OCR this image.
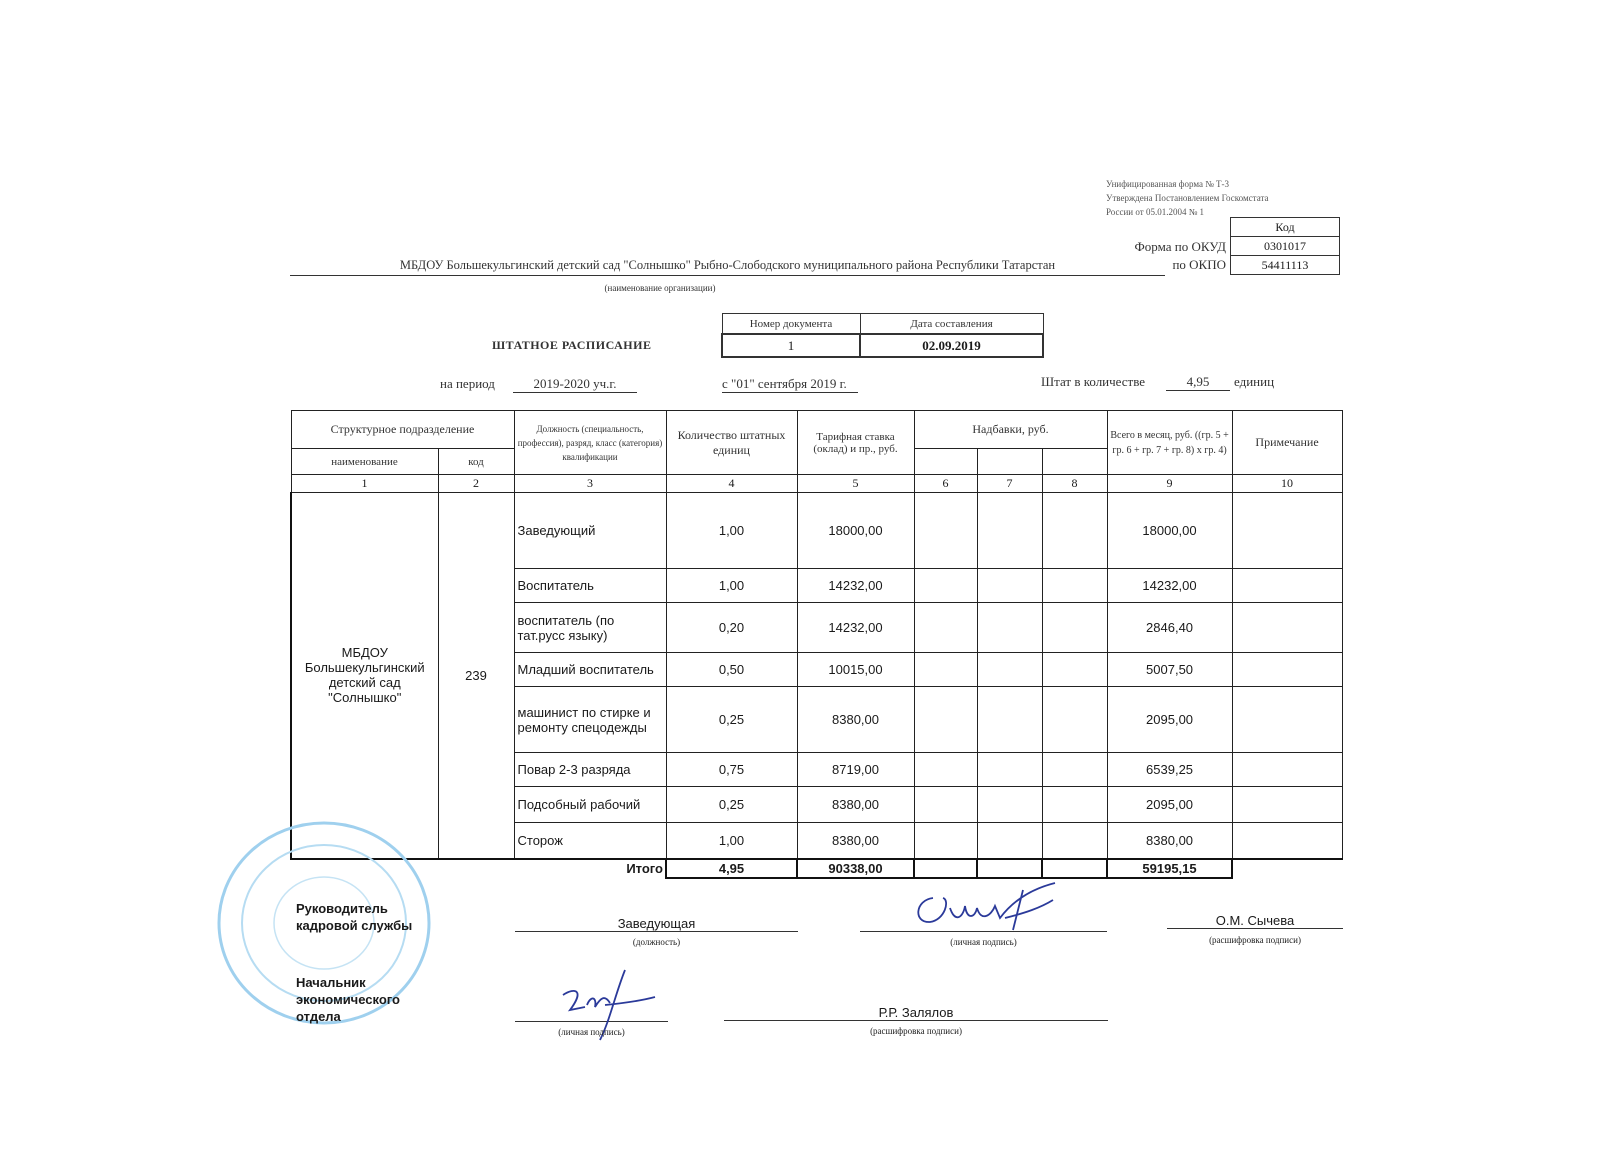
Унифицированная форма № Т-3
Утверждена Постановлением Госкомстата
России от 05.01.2004 № 1
Форма по ОКУД
по ОКПО
Код
0301017
54411113
МБДОУ Большекульгинский детский сад "Солнышко" Рыбно-Слободского муниципального района Республики Татарстан
(наименование организации)
ШТАТНОЕ РАСПИСАНИЕ
Номер документа	Дата составления
1	02.09.2019
на период	2019-2020 уч.г.	с "01" сентября 2019 г.	Штат в количестве	4,95	единиц
Структурное подразделение		Должность (специальность, профессия), разряд, класс (категория) квалификации	Количество штатных единиц	Тарифная ставка (оклад) и пр., руб.	Надбавки, руб.			Всего в месяц, руб. ((гр. 5 + гр. 6 + гр. 7 + гр. 8) х гр. 4)	Примечание
наименование	код								
1	2	3	4	5	6	7	8	9	10
МБДОУ Большекульгинский детский сад "Солнышко"	239	Заведующий	1,00	18000,00				18000,00	
		Воспитатель	1,00	14232,00				14232,00	
		воспитатель (по тат.русс языку)	0,20	14232,00				2846,40	
		Младший воспитатель	0,50	10015,00				5007,50	
		машинист по стирке и ремонту спецодежды	0,25	8380,00				2095,00	
		Повар 2-3 разряда	0,75	8719,00				6539,25	
		Подсобный рабочий	0,25	8380,00				2095,00	
		Сторож	1,00	8380,00				8380,00	
Итого			4,95	90338,00				59195,15	
Руководитель кадровой службы	Заведующая
(должность)	(личная подпись)
О.М. Сычева
(расшифровка подписи)
Начальник экономического отдела
(личная подпись)
Р.Р. Залялов
(расшифровка подписи)
